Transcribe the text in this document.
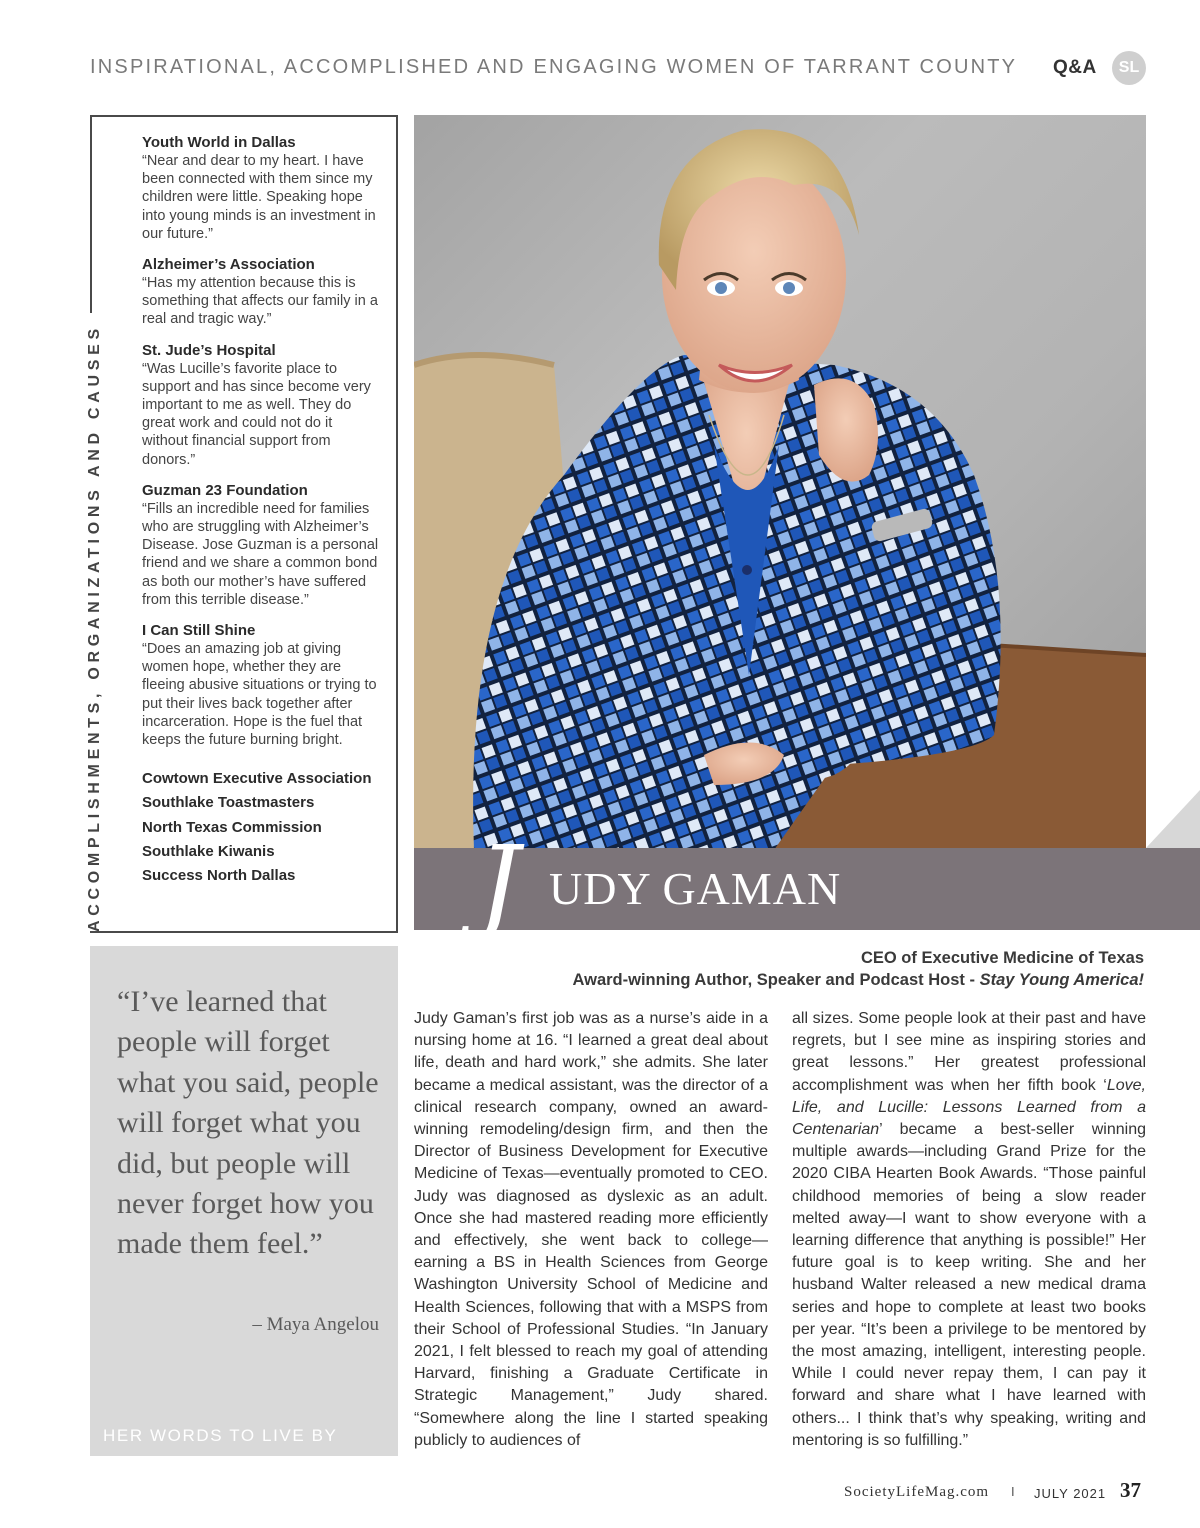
INSPIRATIONAL, ACCOMPLISHED AND ENGAGING WOMEN OF TARRANT COUNTY Q&A	SL
ACCOMPLISHMENTS, ORGANIZATIONS AND CAUSES
Youth World in Dallas
“Near and dear to my heart. I have been connected with them since my children were little. Speaking hope into young minds is an investment in our future.”
Alzheimer’s Association
“Has my attention because this is something that affects our family in a real and tragic way.”
St. Jude’s Hospital
“Was Lucille’s favorite place to support and has since become very important to me as well. They do great work and could not do it without financial support from donors.”
Guzman 23 Foundation
“Fills an incredible need for families who are struggling with Alzheimer’s Disease. Jose Guzman is a personal friend and we share a common bond as both our mother’s have suffered from this terrible disease.”
I Can Still Shine
“Does an amazing job at giving women hope, whether they are fleeing abusive situations or trying to put their lives back together after incarceration. Hope is the fuel that keeps the future burning bright.
Cowtown Executive Association
Southlake Toastmasters
North Texas Commission
Southlake Kiwanis
Success North Dallas	J UDY GAMAN
CEO of Executive Medicine of Texas
Award-winning Author, Speaker and Podcast Host - Stay Young America!
“I’ve learned that people will forget what you said, people will forget what you did, but people will never forget how you made them feel.”
– Maya Angelou
HER WORDS TO LIVE BY
Judy Gaman’s first job was as a nurse’s aide in a nursing home at 16. “I learned a great deal about life, death and hard work,” she admits. She later became a medical assistant, was the director of a clinical research company, owned an award-winning remodeling/design firm, and then the Director of Business Development for Executive Medicine of Texas—eventually promoted to CEO. Judy was diagnosed as dyslexic as an adult. Once she had mastered reading more efficiently and effectively, she went back to college—earning a BS in Health Sciences from George Washington University School of Medicine and Health Sciences, following that with a MSPS from their School of Professional Studies. “In January 2021, I felt blessed to reach my goal of attending Harvard, finishing a Graduate Certificate in Strategic Management,” Judy shared. “Somewhere along the line I started speaking publicly to audiences of
all sizes. Some people look at their past and have regrets, but I see mine as inspiring stories and great lessons.” Her greatest professional accomplishment was when her fifth book ‘Love, Life, and Lucille: Lessons Learned from a Centenarian’ became a best-seller winning multiple awards—including Grand Prize for the 2020 CIBA Hearten Book Awards. “Those painful childhood memories of being a slow reader melted away—I want to show everyone with a learning difference that anything is possible!” Her future goal is to keep writing. She and her husband Walter released a new medical drama series and hope to complete at least two books per year. “It’s been a privilege to be mentored by the most amazing, intelligent, interesting people. While I could never repay them, I can pay it forward and share what I have learned with others... I think that’s why speaking, writing and mentoring is so fulfilling.”
SocietyLifeMag.com I JULY 2021 37
